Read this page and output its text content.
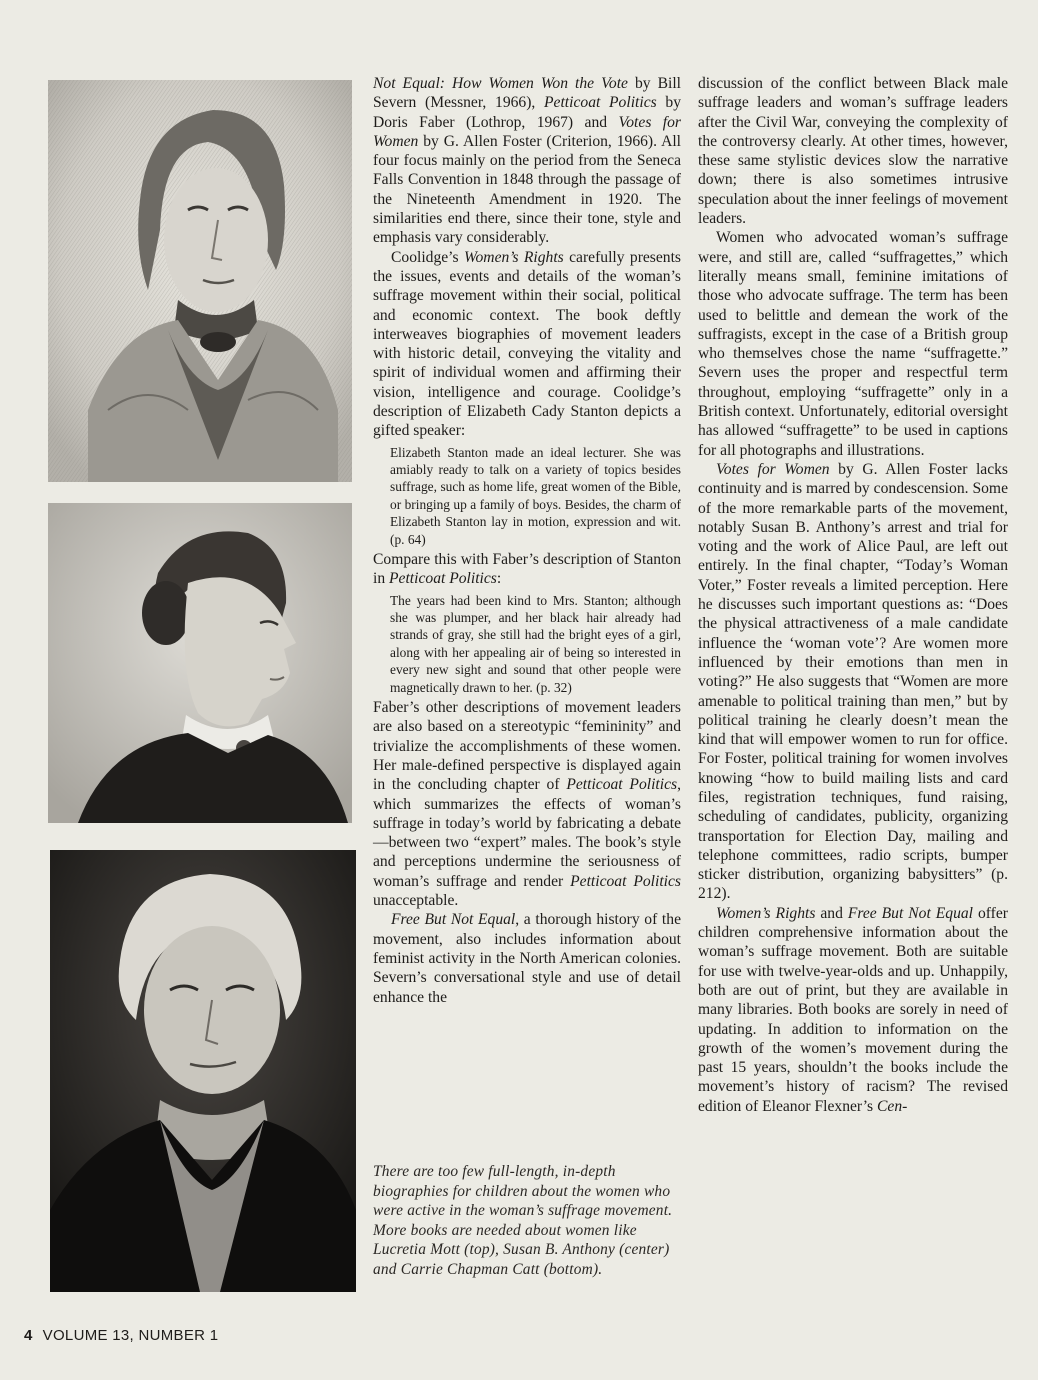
Not Equal: How Women Won the Vote by Bill Severn (Messner, 1966), Petticoat Politics by Doris Faber (Lothrop, 1967) and Votes for Women by G. Allen Foster (Criterion, 1966). All four focus mainly on the period from the Seneca Falls Convention in 1848 through the passage of the Nineteenth Amendment in 1920. The similarities end there, since their tone, style and emphasis vary considerably.

Coolidge’s Women’s Rights carefully presents the issues, events and details of the woman’s suffrage movement within their social, political and economic context. The book deftly interweaves biographies of movement leaders with historic detail, conveying the vitality and spirit of individual women and affirming their vision, intelligence and courage. Coolidge’s description of Elizabeth Cady Stanton depicts a gifted speaker:

Elizabeth Stanton made an ideal lecturer. She was amiably ready to talk on a variety of topics besides suffrage, such as home life, great women of the Bible, or bringing up a family of boys. Besides, the charm of Elizabeth Stanton lay in motion, expression and wit. (p. 64)

Compare this with Faber’s description of Stanton in Petticoat Politics:

The years had been kind to Mrs. Stanton; although she was plumper, and her black hair already had strands of gray, she still had the bright eyes of a girl, along with her appealing air of being so interested in every new sight and sound that other people were magnetically drawn to her. (p. 32)

Faber’s other descriptions of movement leaders are also based on a stereotypic “femininity” and trivialize the accomplishments of these women. Her male-defined perspective is displayed again in the concluding chapter of Petticoat Politics, which summarizes the effects of woman’s suffrage in today’s world by fabricating a debate—between two “expert” males. The book’s style and perceptions undermine the seriousness of woman’s suffrage and render Petticoat Politics unacceptable.

Free But Not Equal, a thorough history of the movement, also includes information about feminist activity in the North American colonies. Severn’s conversational style and use of detail enhance the

discussion of the conflict between Black male suffrage leaders and woman’s suffrage leaders after the Civil War, conveying the complexity of the controversy clearly. At other times, however, these same stylistic devices slow the narrative down; there is also sometimes intrusive speculation about the inner feelings of movement leaders.

Women who advocated woman’s suffrage were, and still are, called “suffragettes,” which literally means small, feminine imitations of those who advocate suffrage. The term has been used to belittle and demean the work of the suffragists, except in the case of a British group who themselves chose the name “suffragette.” Severn uses the proper and respectful term throughout, employing “suffragette” only in a British context. Unfortunately, editorial oversight has allowed “suffragette” to be used in captions for all photographs and illustrations.

Votes for Women by G. Allen Foster lacks continuity and is marred by condescension. Some of the more remarkable parts of the movement, notably Susan B. Anthony’s arrest and trial for voting and the work of Alice Paul, are left out entirely. In the final chapter, “Today’s Woman Voter,” Foster reveals a limited perception. Here he discusses such important questions as: “Does the physical attractiveness of a male candidate influence the ‘woman vote’? Are women more influenced by their emotions than men in voting?” He also suggests that “Women are more amenable to political training than men,” but by political training he clearly doesn’t mean the kind that will empower women to run for office. For Foster, political training for women involves knowing “how to build mailing lists and card files, registration techniques, fund raising, scheduling of candidates, publicity, organizing transportation for Election Day, mailing and telephone committees, radio scripts, bumper sticker distribution, organizing babysitters” (p. 212).

Women’s Rights and Free But Not Equal offer children comprehensive information about the woman’s suffrage movement. Both are suitable for use with twelve-year-olds and up. Unhappily, both are out of print, but they are available in many libraries. Both books are sorely in need of updating. In addition to information on the growth of the women’s movement during the past 15 years, shouldn’t the books include the movement’s history of racism? The revised edition of Eleanor Flexner’s Cen-

There are too few full-length, in-depth biographies for children about the women who were active in the woman’s suffrage movement. More books are needed about women like Lucretia Mott (top), Susan B. Anthony (center) and Carrie Chapman Catt (bottom).
4 VOLUME 13, NUMBER 1
